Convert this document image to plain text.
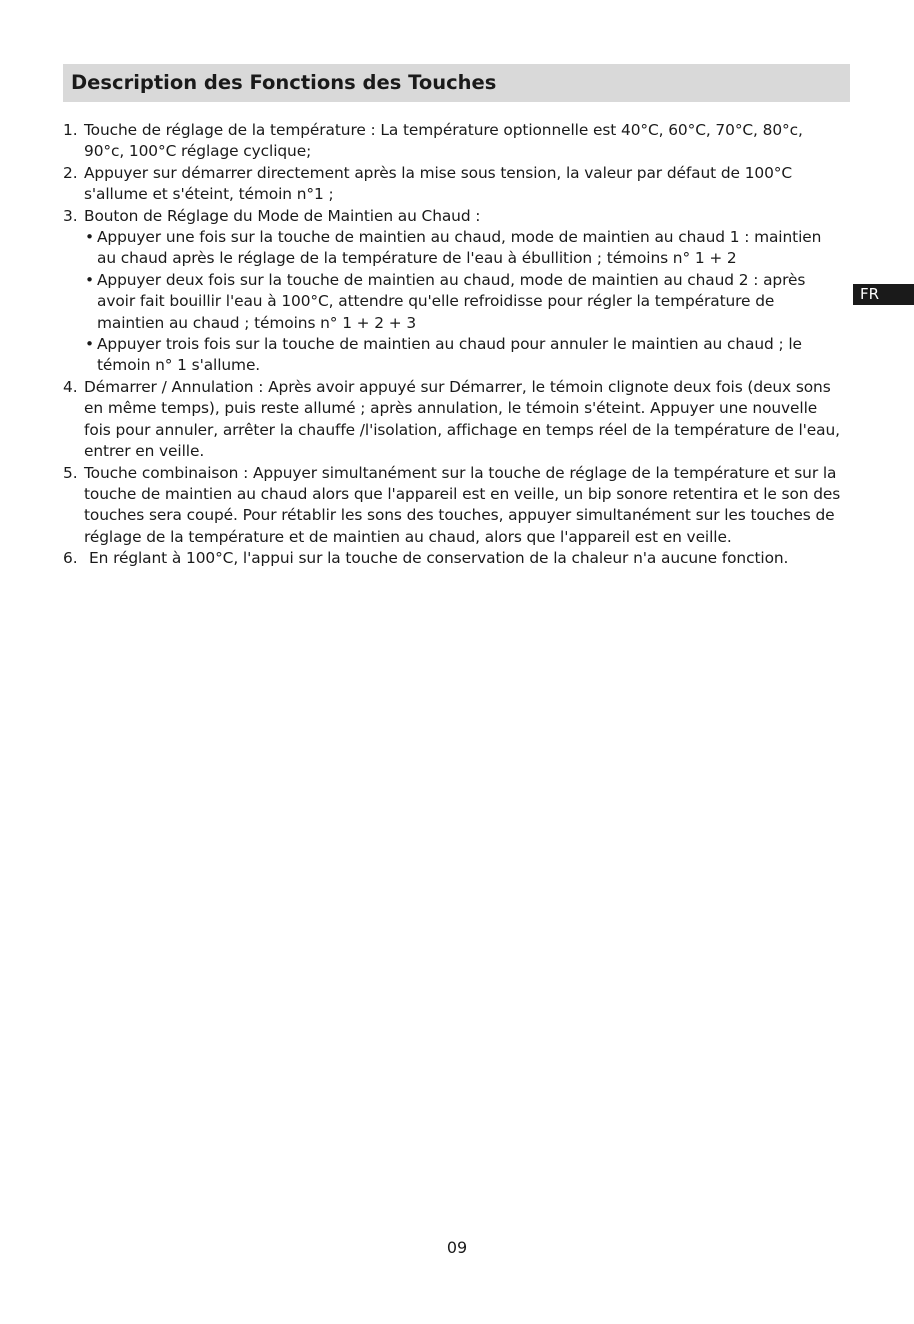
Description des Fonctions des Touches
FR
1. Touche de réglage de la température : La température optionnelle est 40°C, 60°C, 70°C, 80°c, 90°c, 100°C réglage cyclique;
2. Appuyer sur démarrer directement après la mise sous tension, la valeur par défaut de 100°C s'allume et s'éteint, témoin n°1 ;
3. Bouton de Réglage du Mode de Maintien au Chaud :
• Appuyer une fois sur la touche de maintien au chaud, mode de maintien au chaud 1 : maintien au chaud après le réglage de la température de l'eau à ébullition ; témoins n° 1 + 2
• Appuyer deux fois sur la touche de maintien au chaud, mode de maintien au chaud 2 : après avoir fait bouillir l'eau à 100°C, attendre qu'elle refroidisse pour régler la température de maintien au chaud ; témoins n° 1 + 2 + 3
• Appuyer trois fois sur la touche de maintien au chaud pour annuler le maintien au chaud ; le témoin n° 1 s'allume.
4. Démarrer / Annulation : Après avoir appuyé sur Démarrer, le témoin clignote deux fois (deux sons en même temps), puis reste allumé ; après annulation, le témoin s'éteint. Appuyer une nouvelle fois pour annuler, arrêter la chauffe /l'isolation, affichage en temps réel de la température de l'eau, entrer en veille.
5. Touche combinaison : Appuyer simultanément sur la touche de réglage de la température et sur la touche de maintien au chaud alors que l'appareil est en veille, un bip sonore retentira et le son des touches sera coupé. Pour rétablir les sons des touches, appuyer simultanément sur les touches de réglage de la température et de maintien au chaud, alors que l'appareil est en veille.
6. En réglant à 100°C, l'appui sur la touche de conservation de la chaleur n'a aucune fonction.
09
